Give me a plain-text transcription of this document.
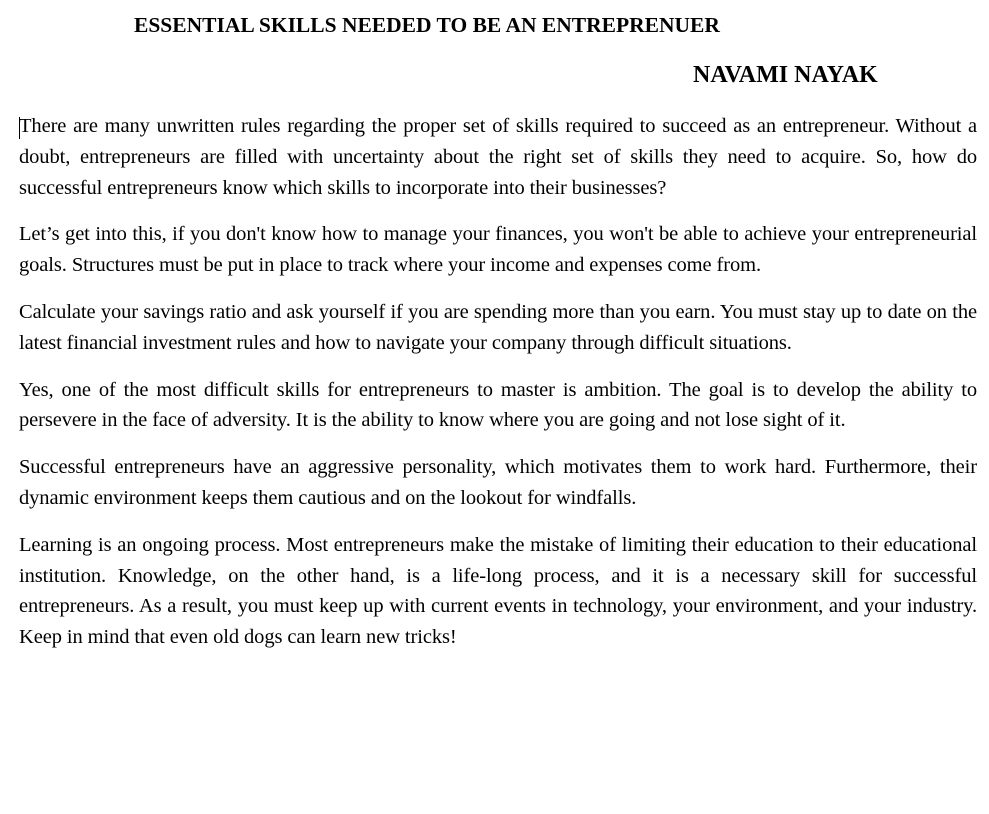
ESSENTIAL SKILLS NEEDED TO BE AN ENTREPRENUER
NAVAMI NAYAK

There are many unwritten rules regarding the proper set of skills required to succeed as an entrepreneur. Without a doubt, entrepreneurs are filled with uncertainty about the right set of skills they need to acquire. So, how do successful entrepreneurs know which skills to incorporate into their businesses?

Let’s get into this, if you don't know how to manage your finances, you won't be able to achieve your entrepreneurial goals. Structures must be put in place to track where your income and expenses come from.

Calculate your savings ratio and ask yourself if you are spending more than you earn. You must stay up to date on the latest financial investment rules and how to navigate your company through difficult situations.

Yes, one of the most difficult skills for entrepreneurs to master is ambition. The goal is to develop the ability to persevere in the face of adversity. It is the ability to know where you are going and not lose sight of it.

Successful entrepreneurs have an aggressive personality, which motivates them to work hard. Furthermore, their dynamic environment keeps them cautious and on the lookout for windfalls.

Learning is an ongoing process. Most entrepreneurs make the mistake of limiting their education to their educational institution. Knowledge, on the other hand, is a life-long process, and it is a necessary skill for successful entrepreneurs. As a result, you must keep up with current events in technology, your environment, and your industry. Keep in mind that even old dogs can learn new tricks!
